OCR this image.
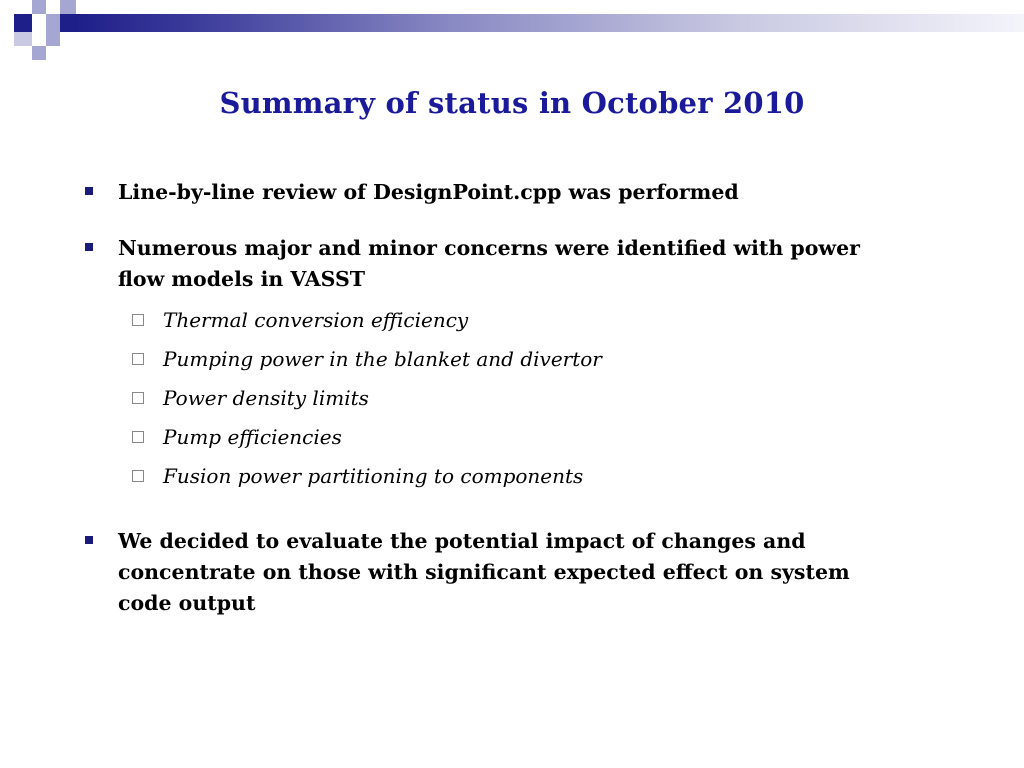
Summary of status in October 2010
Line-by-line review of DesignPoint.cpp was performed
Numerous major and minor concerns were identified with power flow models in VASST
Thermal conversion efficiency
Pumping power in the blanket and divertor
Power density limits
Pump efficiencies
Fusion power partitioning to components
We decided to evaluate the potential impact of changes and concentrate on those with significant expected effect on system code output
